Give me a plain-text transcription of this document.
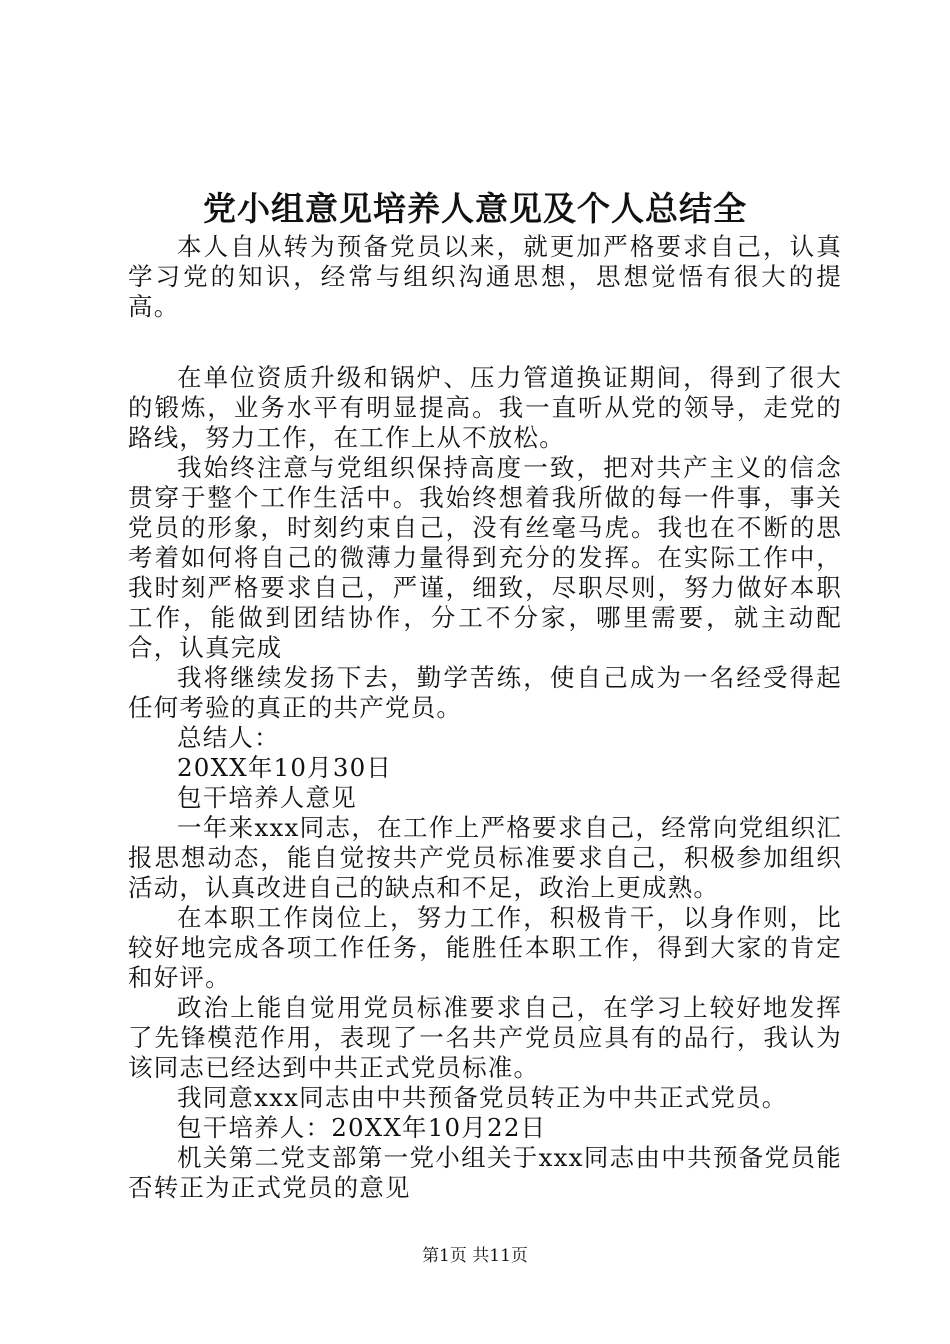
党小组意见培养人意见及个人总结全

本人自从转为预备党员以来，就更加严格要求自己，认真学习党的知识，经常与组织沟通思想，思想觉悟有很大的提高。

在单位资质升级和锅炉、压力管道换证期间，得到了很大的锻炼，业务水平有明显提高。我一直听从党的领导，走党的路线，努力工作，在工作上从不放松。

我始终注意与党组织保持高度一致，把对共产主义的信念贯穿于整个工作生活中。我始终想着我所做的每一件事，事关党员的形象，时刻约束自己，没有丝毫马虎。我也在不断的思考着如何将自己的微薄力量得到充分的发挥。在实际工作中，我时刻严格要求自己，严谨，细致，尽职尽则，努力做好本职工作，能做到团结协作，分工不分家，哪里需要，就主动配合，认真完成

我将继续发扬下去，勤学苦练，使自己成为一名经受得起任何考验的真正的共产党员。

总结人：

20XX年10月30日

包干培养人意见

一年来xxx同志，在工作上严格要求自己，经常向党组织汇报思想动态，能自觉按共产党员标准要求自己，积极参加组织活动，认真改进自己的缺点和不足，政治上更成熟。

在本职工作岗位上，努力工作，积极肯干，以身作则，比较好地完成各项工作任务，能胜任本职工作，得到大家的肯定和好评。

政治上能自觉用党员标准要求自己，在学习上较好地发挥了先锋模范作用，表现了一名共产党员应具有的品行，我认为该同志已经达到中共正式党员标准。

我同意xxx同志由中共预备党员转正为中共正式党员。

包干培养人：20XX年10月22日

机关第二党支部第一党小组关于xxx同志由中共预备党员能否转正为正式党员的意见

第1页 共11页
